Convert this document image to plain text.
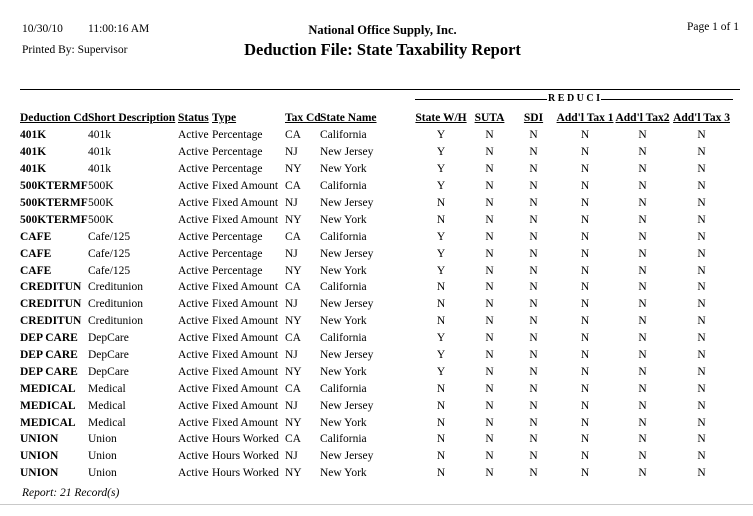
10/30/10 11:00:16 AM
Printed By: Supervisor
National Office Supply, Inc.
Deduction File: State Taxability Report
Page 1 of 1

						R E D U C I					

Deduction Cd	Short Description	Status	Type	Tax Cd	State Name	State W/H	SUTA	SDI	Add'l Tax 1	Add'l Tax2	Add'l Tax 3
401K	401k	Active	Percentage	CA	California	Y	N	N	N	N	N
401K	401k	Active	Percentage	NJ	New Jersey	Y	N	N	N	N	N
401K	401k	Active	Percentage	NY	New York	Y	N	N	N	N	N
500KTERMF	500K	Active	Fixed Amount	CA	California	Y	N	N	N	N	N
500KTERMF	500K	Active	Fixed Amount	NJ	New Jersey	N	N	N	N	N	N
500KTERMF	500K	Active	Fixed Amount	NY	New York	N	N	N	N	N	N
CAFE	Cafe/125	Active	Percentage	CA	California	Y	N	N	N	N	N
CAFE	Cafe/125	Active	Percentage	NJ	New Jersey	Y	N	N	N	N	N
CAFE	Cafe/125	Active	Percentage	NY	New York	Y	N	N	N	N	N
CREDITUN	Creditunion	Active	Fixed Amount	CA	California	N	N	N	N	N	N
CREDITUN	Creditunion	Active	Fixed Amount	NJ	New Jersey	N	N	N	N	N	N
CREDITUN	Creditunion	Active	Fixed Amount	NY	New York	N	N	N	N	N	N
DEP CARE	DepCare	Active	Fixed Amount	CA	California	Y	N	N	N	N	N
DEP CARE	DepCare	Active	Fixed Amount	NJ	New Jersey	Y	N	N	N	N	N
DEP CARE	DepCare	Active	Fixed Amount	NY	New York	Y	N	N	N	N	N
MEDICAL	Medical	Active	Fixed Amount	CA	California	N	N	N	N	N	N
MEDICAL	Medical	Active	Fixed Amount	NJ	New Jersey	N	N	N	N	N	N
MEDICAL	Medical	Active	Fixed Amount	NY	New York	N	N	N	N	N	N
UNION	Union	Active	Hours Worked	CA	California	N	N	N	N	N	N
UNION	Union	Active	Hours Worked	NJ	New Jersey	N	N	N	N	N	N
UNION	Union	Active	Hours Worked	NY	New York	N	N	N	N	N	N
Report: 21 Record(s)
